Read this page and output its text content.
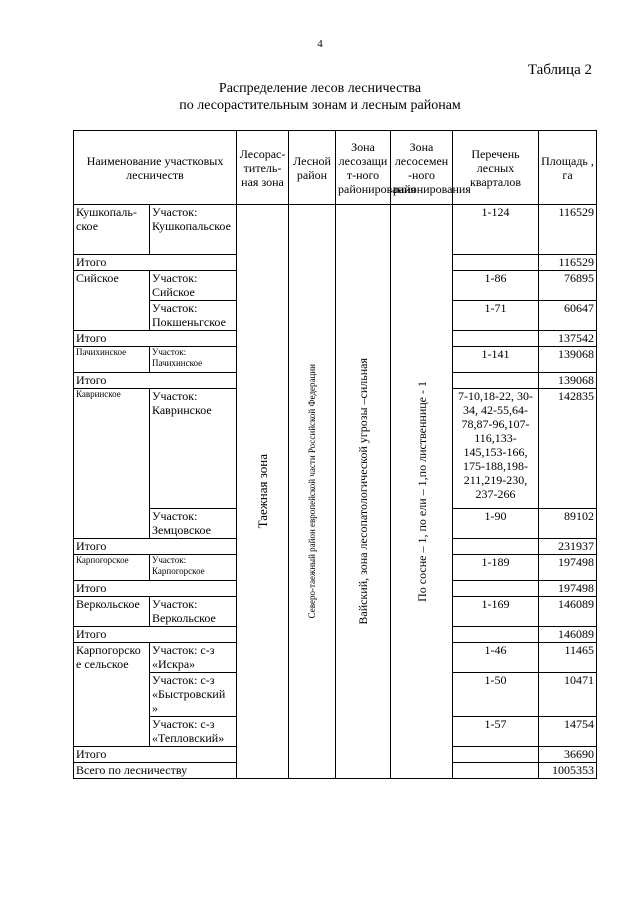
4
Таблица 2
Распределение лесов лесничества
по лесорастительным зонам и лесным районам
Наименование участковых лесничеств		Лесорас-титель-ная зона	Лесной район	Зона лесозащи т-ного районирования	Зона лесосемен -ного районирования	Перечень лесных кварталов	Площадь , га
Кушкопаль-ское	Участок: Кушкопальское	Таежная зона	Северо-таежный район европейской части Российской Федерации	Вайский, зона лесопатологической угрозы –сильная	По сосне – 1, по ели – 1,по лиственнице - 1	1-124	116529
Итого							116529
Сийское	Участок: Сийское					1-86	76895
	Участок: Покшеньгское					1-71	60647
Итого							137542
Пачихинское	Участок: Пачихинское					1-141	139068
Итого							139068
Кавринское	Участок: Кавринское					7-10,18-22, 30-34, 42-55,64-78,87-96,107-116,133-145,153-166, 175-188,198-211,219-230, 237-266	142835
	Участок: Земцовское					1-90	89102
Итого							231937
Карпогорское	Участок: Карпогорское					1-189	197498
Итого							197498
Веркольское	Участок: Веркольское					1-169	146089
Итого							146089
Карпогорско е сельское	Участок: с-з «Искра»					1-46	11465
	Участок: с-з «Быстровский »					1-50	10471
	Участок: с-з «Тепловский»					1-57	14754
Итого							36690
Всего по лесничеству							1005353
